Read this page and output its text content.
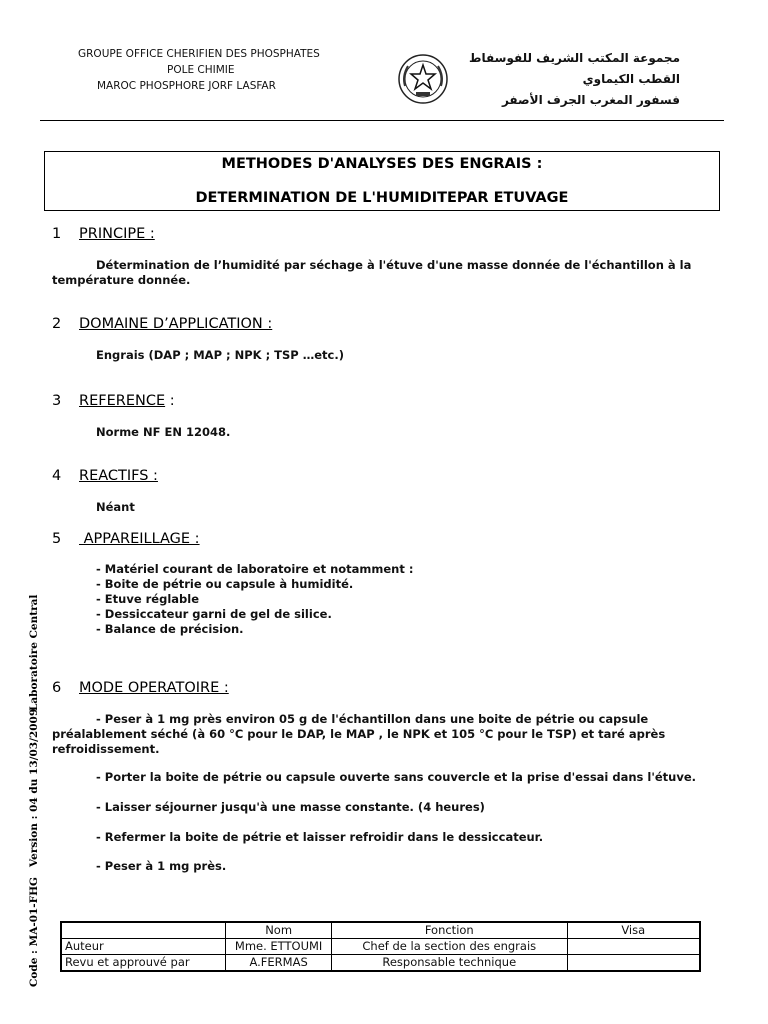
GROUPE OFFICE CHERIFIEN DES PHOSPHATES
POLE CHIMIE
MAROC PHOSPHORE JORF LASFAR
مجموعة المكتب الشريف للفوسفاط
القطب الكيماوي
فسفور المغرب الجرف الأصفر
METHODES D'ANALYSES DES ENGRAIS :
DETERMINATION DE L'HUMIDITEPAR ETUVAGE
1 PRINCIPE :
Détermination de l’humidité par séchage à l'étuve d'une masse donnée de l'échantillon à la
température donnée.
2 DOMAINE D’APPLICATION :
Engrais (DAP ; MAP ; NPK ; TSP …etc.)
3 REFERENCE :
Norme NF EN 12048.
4 REACTIFS :
Néant
5 APPAREILLAGE :
- Matériel courant de laboratoire et notamment :
- Boite de pétrie ou capsule à humidité.
- Etuve réglable
- Dessiccateur garni de gel de silice.
- Balance de précision.
6 MODE OPERATOIRE :
- Peser à 1 mg près environ 05 g de l'échantillon dans une boite de pétrie ou capsule
préalablement séché (à 60 °C pour le DAP, le MAP , le NPK et 105 °C pour le TSP) et taré après
refroidissement.
- Porter la boite de pétrie ou capsule ouverte sans couvercle et la prise d'essai dans l'étuve.
- Laisser séjourner jusqu'à une masse constante. (4 heures)
- Refermer la boite de pétrie et laisser refroidir dans le dessiccateur.
- Peser à 1 mg près.
Code : MA-01-FHGVersion : 04 du 13/03/2009Laboratoire Central
	Nom	Fonction	Visa
Auteur	Mme. ETTOUMI	Chef de la section des engrais	
Revu et approuvé par	A.FERMAS	Responsable technique	
